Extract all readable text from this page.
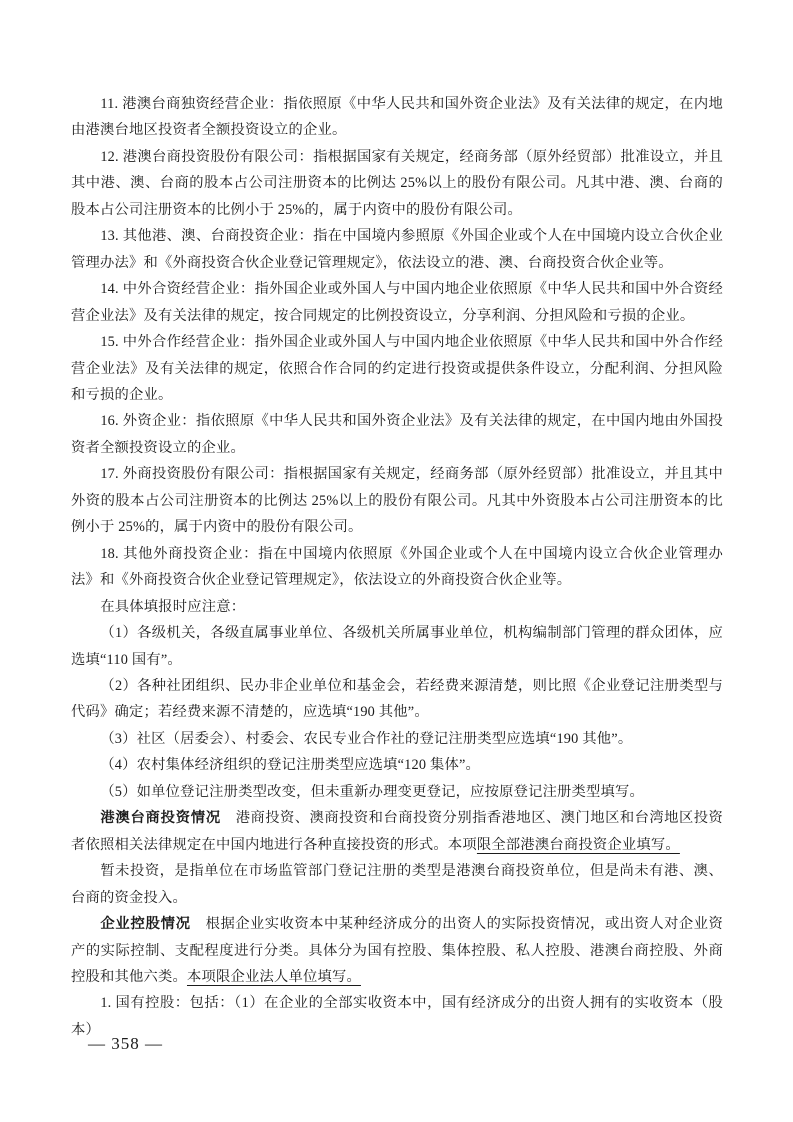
11. 港澳台商独资经营企业：指依照原《中华人民共和国外资企业法》及有关法律的规定，在内地由港澳台地区投资者全额投资设立的企业。

12. 港澳台商投资股份有限公司：指根据国家有关规定，经商务部（原外经贸部）批准设立，并且其中港、澳、台商的股本占公司注册资本的比例达 25%以上的股份有限公司。凡其中港、澳、台商的股本占公司注册资本的比例小于 25%的，属于内资中的股份有限公司。

13. 其他港、澳、台商投资企业：指在中国境内参照原《外国企业或个人在中国境内设立合伙企业管理办法》和《外商投资合伙企业登记管理规定》，依法设立的港、澳、台商投资合伙企业等。

14. 中外合资经营企业：指外国企业或外国人与中国内地企业依照原《中华人民共和国中外合资经营企业法》及有关法律的规定，按合同规定的比例投资设立，分享利润、分担风险和亏损的企业。

15. 中外合作经营企业：指外国企业或外国人与中国内地企业依照原《中华人民共和国中外合作经营企业法》及有关法律的规定，依照合作合同的约定进行投资或提供条件设立，分配利润、分担风险和亏损的企业。

16. 外资企业：指依照原《中华人民共和国外资企业法》及有关法律的规定，在中国内地由外国投资者全额投资设立的企业。

17. 外商投资股份有限公司：指根据国家有关规定，经商务部（原外经贸部）批准设立，并且其中外资的股本占公司注册资本的比例达 25%以上的股份有限公司。凡其中外资股本占公司注册资本的比例小于 25%的，属于内资中的股份有限公司。

18. 其他外商投资企业：指在中国境内依照原《外国企业或个人在中国境内设立合伙企业管理办法》和《外商投资合伙企业登记管理规定》，依法设立的外商投资合伙企业等。

在具体填报时应注意：

（1）各级机关，各级直属事业单位、各级机关所属事业单位，机构编制部门管理的群众团体，应选填“110 国有”。

（2）各种社团组织、民办非企业单位和基金会，若经费来源清楚，则比照《企业登记注册类型与代码》确定；若经费来源不清楚的，应选填“190 其他”。

（3）社区（居委会）、村委会、农民专业合作社的登记注册类型应选填“190 其他”。

（4）农村集体经济组织的登记注册类型应选填“120 集体”。

（5）如单位登记注册类型改变，但未重新办理变更登记，应按原登记注册类型填写。

港澳台商投资情况　港商投资、澳商投资和台商投资分别指香港地区、澳门地区和台湾地区投资者依照相关法律规定在中国内地进行各种直接投资的形式。本项限全部港澳台商投资企业填写。

暂未投资，是指单位在市场监管部门登记注册的类型是港澳台商投资单位，但是尚未有港、澳、台商的资金投入。

企业控股情况　根据企业实收资本中某种经济成分的出资人的实际投资情况，或出资人对企业资产的实际控制、支配程度进行分类。具体分为国有控股、集体控股、私人控股、港澳台商控股、外商控股和其他六类。本项限企业法人单位填写。

1. 国有控股：包括：（1）在企业的全部实收资本中，国有经济成分的出资人拥有的实收资本（股本）

— 358 —
